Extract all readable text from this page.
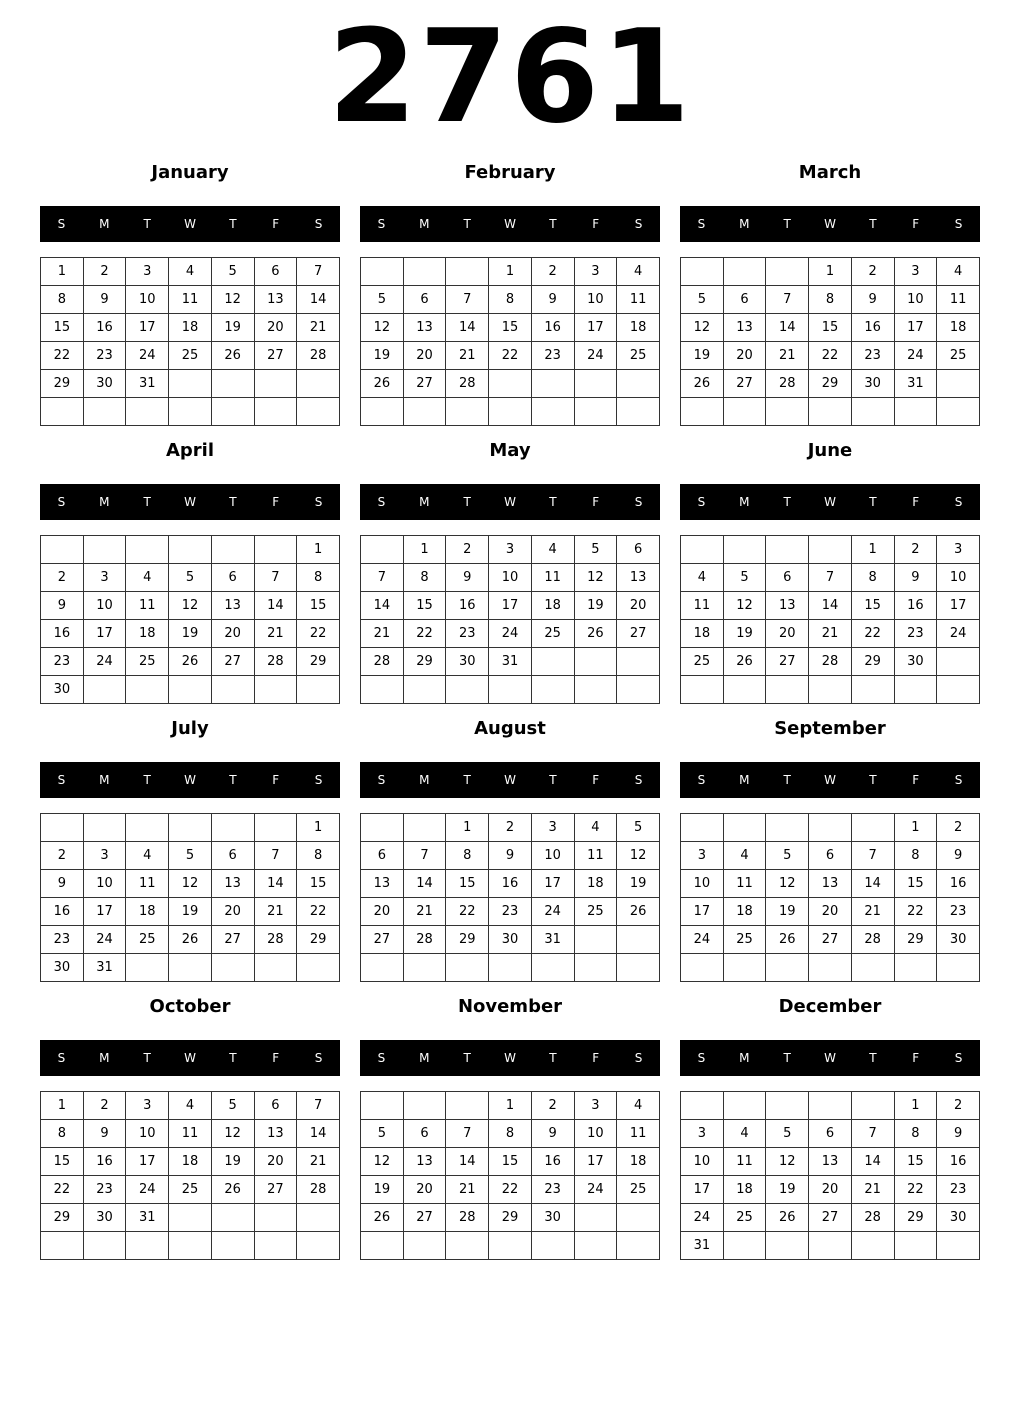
2761
January
S	M	T	W	T	F	S
1	2	3	4	5	6	7
8	9	10	11	12	13	14
15	16	17	18	19	20	21
22	23	24	25	26	27	28
29	30	31				

February
S	M	T	W	T	F	S
			1	2	3	4
5	6	7	8	9	10	11
12	13	14	15	16	17	18
19	20	21	22	23	24	25
26	27	28				

March
S	M	T	W	T	F	S
			1	2	3	4
5	6	7	8	9	10	11
12	13	14	15	16	17	18
19	20	21	22	23	24	25
26	27	28	29	30	31	

April
S	M	T	W	T	F	S
						1
2	3	4	5	6	7	8
9	10	11	12	13	14	15
16	17	18	19	20	21	22
23	24	25	26	27	28	29
30						
May
S	M	T	W	T	F	S
	1	2	3	4	5	6
7	8	9	10	11	12	13
14	15	16	17	18	19	20
21	22	23	24	25	26	27
28	29	30	31			

June
S	M	T	W	T	F	S
				1	2	3
4	5	6	7	8	9	10
11	12	13	14	15	16	17
18	19	20	21	22	23	24
25	26	27	28	29	30	

July
S	M	T	W	T	F	S
						1
2	3	4	5	6	7	8
9	10	11	12	13	14	15
16	17	18	19	20	21	22
23	24	25	26	27	28	29
30	31					
August
S	M	T	W	T	F	S
		1	2	3	4	5
6	7	8	9	10	11	12
13	14	15	16	17	18	19
20	21	22	23	24	25	26
27	28	29	30	31		

September
S	M	T	W	T	F	S
					1	2
3	4	5	6	7	8	9
10	11	12	13	14	15	16
17	18	19	20	21	22	23
24	25	26	27	28	29	30

October
S	M	T	W	T	F	S
1	2	3	4	5	6	7
8	9	10	11	12	13	14
15	16	17	18	19	20	21
22	23	24	25	26	27	28
29	30	31				

November
S	M	T	W	T	F	S
			1	2	3	4
5	6	7	8	9	10	11
12	13	14	15	16	17	18
19	20	21	22	23	24	25
26	27	28	29	30		

December
S	M	T	W	T	F	S
					1	2
3	4	5	6	7	8	9
10	11	12	13	14	15	16
17	18	19	20	21	22	23
24	25	26	27	28	29	30
31						
